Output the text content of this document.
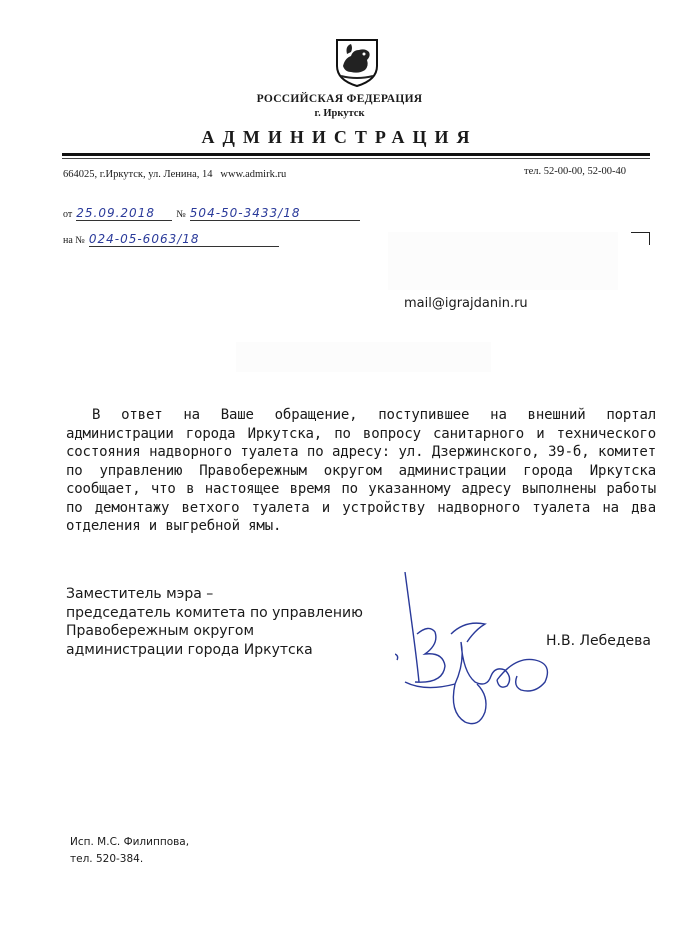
РОССИЙСКАЯ ФЕДЕРАЦИЯ
г. Иркутск
АДМИНИСТРАЦИЯ
664025, г.Иркутск, ул. Ленина, 14 www.admirk.ru	тел. 52-00-00, 52-00-40
от 25.09.2018 № 504-50-3433/18
на № 024-05-6063/18
mail@igrajdanin.ru
В ответ на Ваше обращение, поступившее на внешний портал администрации города Иркутска, по вопросу санитарного и технического состояния надворного туалета по адресу: ул. Дзержинского, 39-б, комитет по управлению Правобережным округом администрации города Иркутска сообщает, что в настоящее время по указанному адресу выполнены работы по демонтажу ветхого туалета и устройству надворного туалета на два отделения и выгребной ямы.
Заместитель мэра –
председатель комитета по управлению
Правобережным округом
администрации города Иркутска
Н.В. Лебедева
Исп. М.С. Филиппова,
тел. 520-384.
